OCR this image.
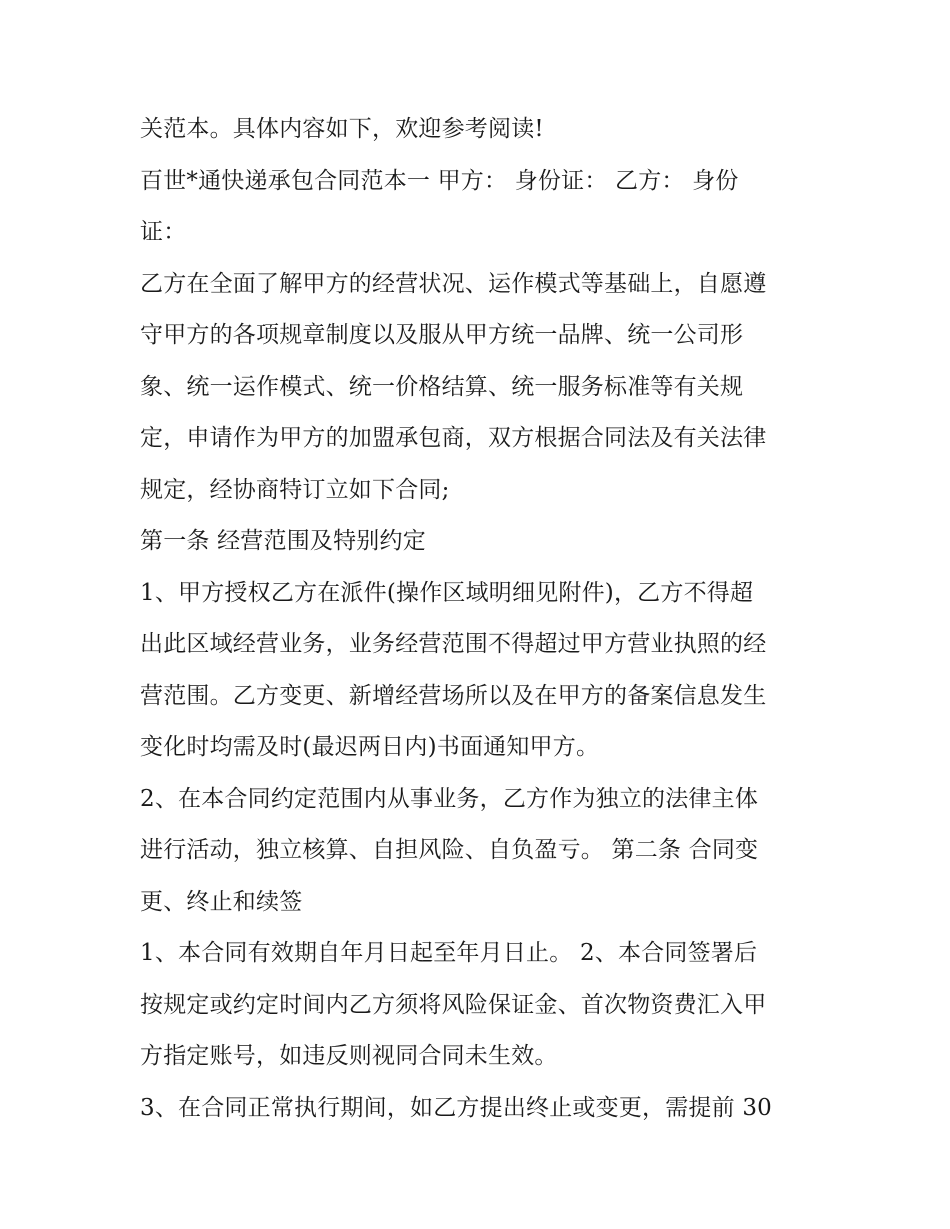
关范本。具体内容如下，欢迎参考阅读!
百世*通快递承包合同范本一 甲方： 身份证： 乙方： 身份
证：
乙方在全面了解甲方的经营状况、运作模式等基础上，自愿遵
守甲方的各项规章制度以及服从甲方统一品牌、统一公司形
象、统一运作模式、统一价格结算、统一服务标准等有关规
定，申请作为甲方的加盟承包商，双方根据合同法及有关法律
规定，经协商特订立如下合同;
第一条 经营范围及特别约定
1、甲方授权乙方在派件(操作区域明细见附件)，乙方不得超
出此区域经营业务，业务经营范围不得超过甲方营业执照的经
营范围。乙方变更、新增经营场所以及在甲方的备案信息发生
变化时均需及时(最迟两日内)书面通知甲方。
2、在本合同约定范围内从事业务，乙方作为独立的法律主体
进行活动，独立核算、自担风险、自负盈亏。 第二条 合同变
更、终止和续签
1、本合同有效期自年月日起至年月日止。 2、本合同签署后
按规定或约定时间内乙方须将风险保证金、首次物资费汇入甲
方指定账号，如违反则视同合同未生效。
3、在合同正常执行期间，如乙方提出终止或变更，需提前 30
